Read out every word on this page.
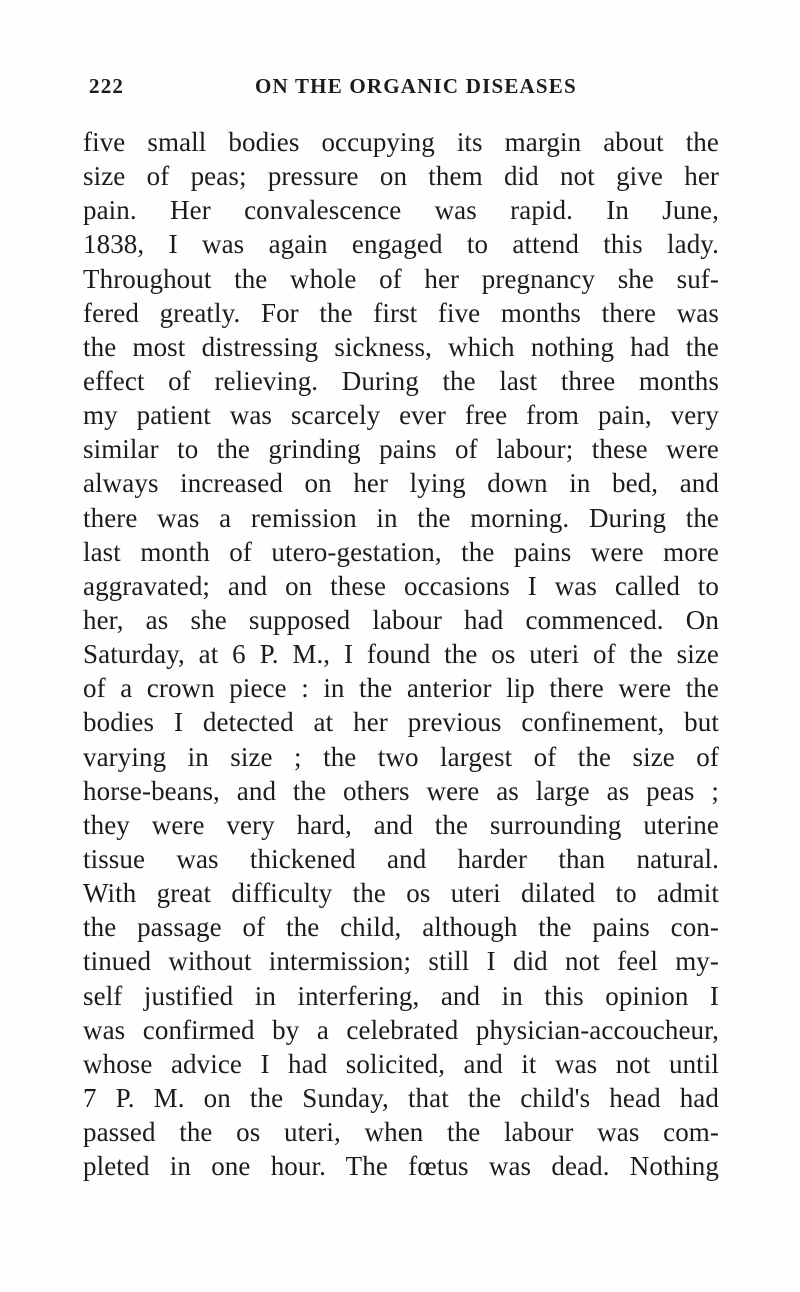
222	ON THE ORGANIC DISEASES
five small bodies occupying its margin about the
size of peas; pressure on them did not give her
pain. Her convalescence was rapid. In June,
1838, I was again engaged to attend this lady.
Throughout the whole of her pregnancy she suf-
fered greatly. For the first five months there was
the most distressing sickness, which nothing had the
effect of relieving. During the last three months
my patient was scarcely ever free from pain, very
similar to the grinding pains of labour; these were
always increased on her lying down in bed, and
there was a remission in the morning. During the
last month of utero-gestation, the pains were more
aggravated; and on these occasions I was called to
her, as she supposed labour had commenced. On
Saturday, at 6 P. M., I found the os uteri of the size
of a crown piece : in the anterior lip there were the
bodies I detected at her previous confinement, but
varying in size ; the two largest of the size of
horse-beans, and the others were as large as peas ;
they were very hard, and the surrounding uterine
tissue was thickened and harder than natural.
With great difficulty the os uteri dilated to admit
the passage of the child, although the pains con-
tinued without intermission; still I did not feel my-
self justified in interfering, and in this opinion I
was confirmed by a celebrated physician-accoucheur,
whose advice I had solicited, and it was not until
7 P. M. on the Sunday, that the child's head had
passed the os uteri, when the labour was com-
pleted in one hour. The fœtus was dead. Nothing
